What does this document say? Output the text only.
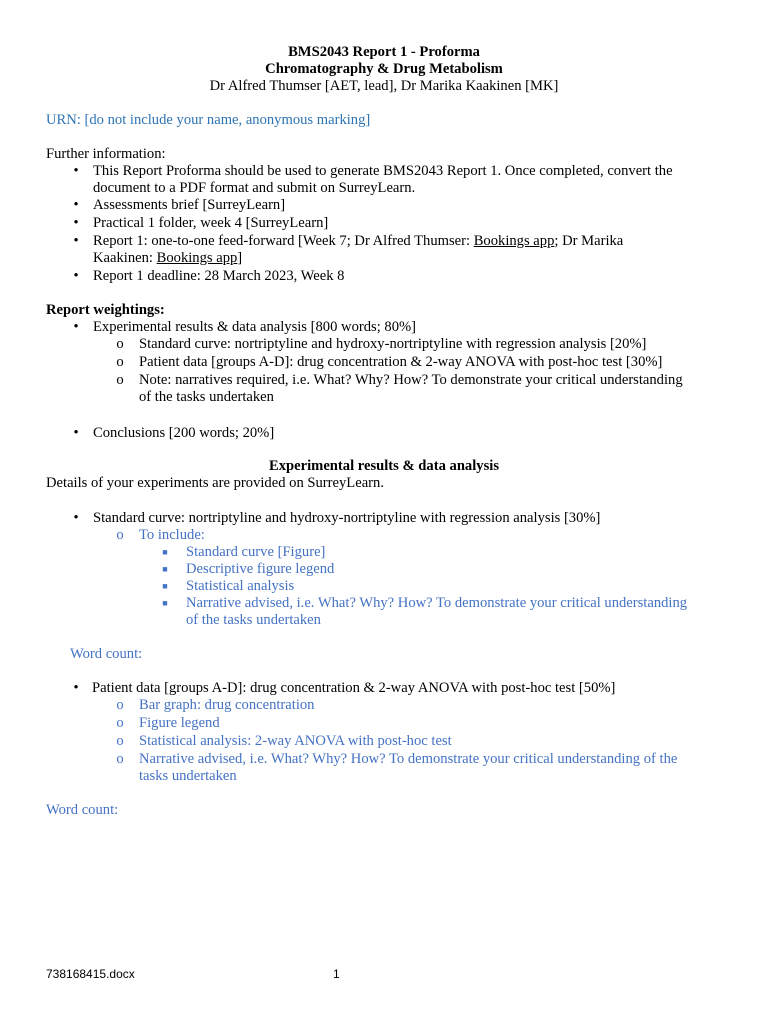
BMS2043 Report 1 - Proforma
Chromatography & Drug Metabolism
Dr Alfred Thumser [AET, lead], Dr Marika Kaakinen [MK]
URN: [do not include your name, anonymous marking]
Further information:
• This Report Proforma should be used to generate BMS2043 Report 1. Once completed, convert the
document to a PDF format and submit on SurreyLearn.
• Assessments brief [SurreyLearn]
• Practical 1 folder, week 4 [SurreyLearn]
• Report 1: one-to-one feed-forward [Week 7; Dr Alfred Thumser: Bookings app; Dr Marika
Kaakinen: Bookings app]
• Report 1 deadline: 28 March 2023, Week 8
Report weightings:
• Experimental results & data analysis [800 words; 80%]
o Standard curve: nortriptyline and hydroxy-nortriptyline with regression analysis [20%]
o Patient data [groups A-D]: drug concentration & 2-way ANOVA with post-hoc test [30%]
o Note: narratives required, i.e. What? Why? How? To demonstrate your critical understanding
of the tasks undertaken
• Conclusions [200 words; 20%]
Experimental results & data analysis
Details of your experiments are provided on SurreyLearn.
• Standard curve: nortriptyline and hydroxy-nortriptyline with regression analysis [30%]
o To include:
■ Standard curve [Figure]
■ Descriptive figure legend
■ Statistical analysis
■ Narrative advised, i.e. What? Why? How? To demonstrate your critical understanding
of the tasks undertaken
Word count:
• Patient data [groups A-D]: drug concentration & 2-way ANOVA with post-hoc test [50%]
o Bar graph: drug concentration
o Figure legend
o Statistical analysis: 2-way ANOVA with post-hoc test
o Narrative advised, i.e. What? Why? How? To demonstrate your critical understanding of the
tasks undertaken
Word count:
738168415.docx	1
